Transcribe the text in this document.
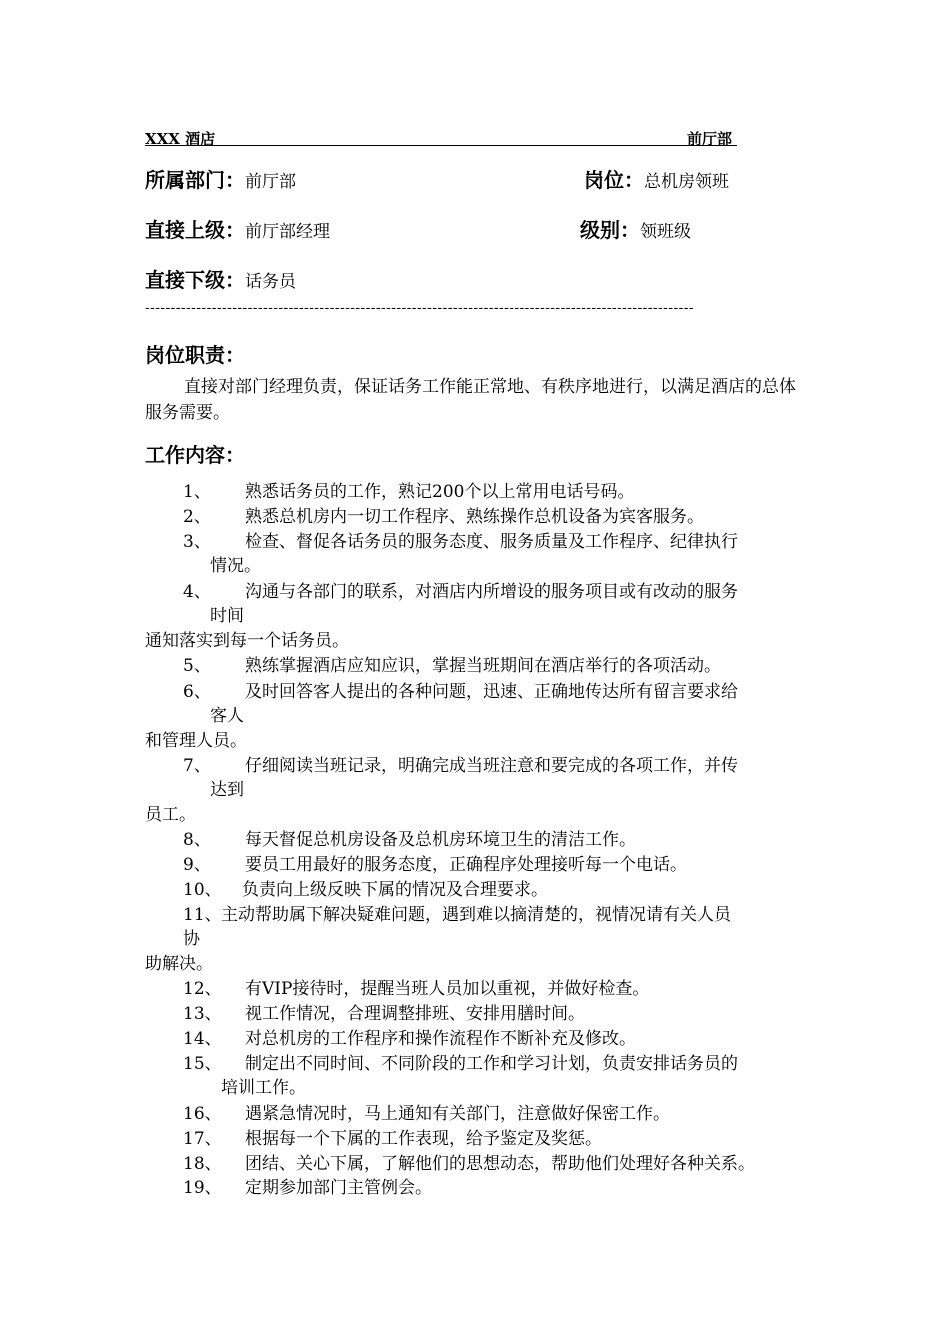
XXX 酒店	前厅部
所属部门： 前厅部	岗位： 总机房领班
直接上级： 前厅部经理	级别： 领班级
直接下级： 话务员
-----------------------------------------------------------------------------------------------------------
岗位职责：
直接对部门经理负责，保证话务工作能正常地、有秩序地进行，以满足酒店的总体服务需要。
工作内容：
1、 熟悉话务员的工作，熟记200个以上常用电话号码。
2、 熟悉总机房内一切工作程序、熟练操作总机设备为宾客服务。
3、 检查、督促各话务员的服务态度、服务质量及工作程序、纪律执行
情况。
4、 沟通与各部门的联系，对酒店内所增设的服务项目或有改动的服务
时间
通知落实到每一个话务员。
5、 熟练掌握酒店应知应识，掌握当班期间在酒店举行的各项活动。
6、 及时回答客人提出的各种问题，迅速、正确地传达所有留言要求给
客人
和管理人员。
7、 仔细阅读当班记录，明确完成当班注意和要完成的各项工作，并传
达到
员工。
8、 每天督促总机房设备及总机房环境卫生的清洁工作。
9、 要员工用最好的服务态度，正确程序处理接听每一个电话。
10、 负责向上级反映下属的情况及合理要求。
11、 主动帮助属下解决疑难问题，遇到难以摘清楚的，视情况请有关人员
协
助解决。
12、 有VIP接待时，提醒当班人员加以重视，并做好检查。
13、 视工作情况，合理调整排班、安排用膳时间。
14、 对总机房的工作程序和操作流程作不断补充及修改。
15、 制定出不同时间、不同阶段的工作和学习计划，负责安排话务员的
培训工作。
16、 遇紧急情况时，马上通知有关部门，注意做好保密工作。
17、 根据每一个下属的工作表现，给予鉴定及奖惩。
18、 团结、关心下属，了解他们的思想动态，帮助他们处理好各种关系。
19、 定期参加部门主管例会。
